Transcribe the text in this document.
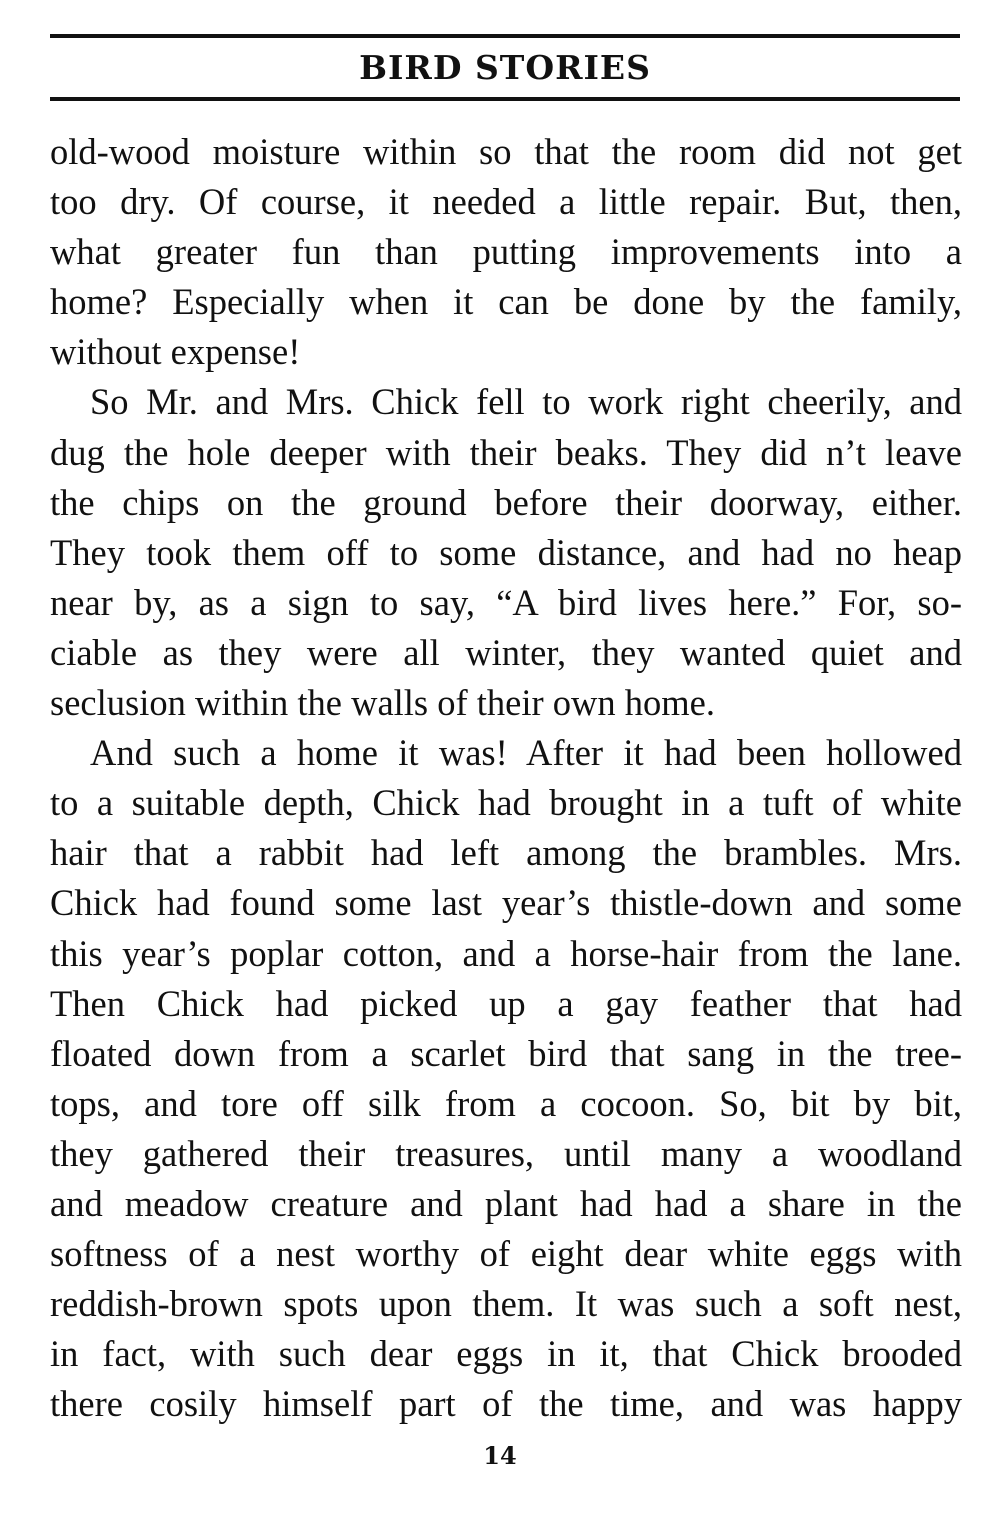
BIRD STORIES
old-wood moisture within so that the room did not get
too dry. Of course, it needed a little repair. But, then,
what greater fun than putting improvements into a
home? Especially when it can be done by the family,
without expense!
So Mr. and Mrs. Chick fell to work right cheerily, and
dug the hole deeper with their beaks. They did n’t leave
the chips on the ground before their doorway, either.
They took them off to some distance, and had no heap
near by, as a sign to say, “A bird lives here.” For, so-
ciable as they were all winter, they wanted quiet and
seclusion within the walls of their own home.
And such a home it was! After it had been hollowed
to a suitable depth, Chick had brought in a tuft of white
hair that a rabbit had left among the brambles. Mrs.
Chick had found some last year’s thistle-down and some
this year’s poplar cotton, and a horse-hair from the lane.
Then Chick had picked up a gay feather that had
floated down from a scarlet bird that sang in the tree-
tops, and tore off silk from a cocoon. So, bit by bit,
they gathered their treasures, until many a woodland
and meadow creature and plant had had a share in the
softness of a nest worthy of eight dear white eggs with
reddish-brown spots upon them. It was such a soft nest,
in fact, with such dear eggs in it, that Chick brooded
there cosily himself part of the time, and was happy
14
